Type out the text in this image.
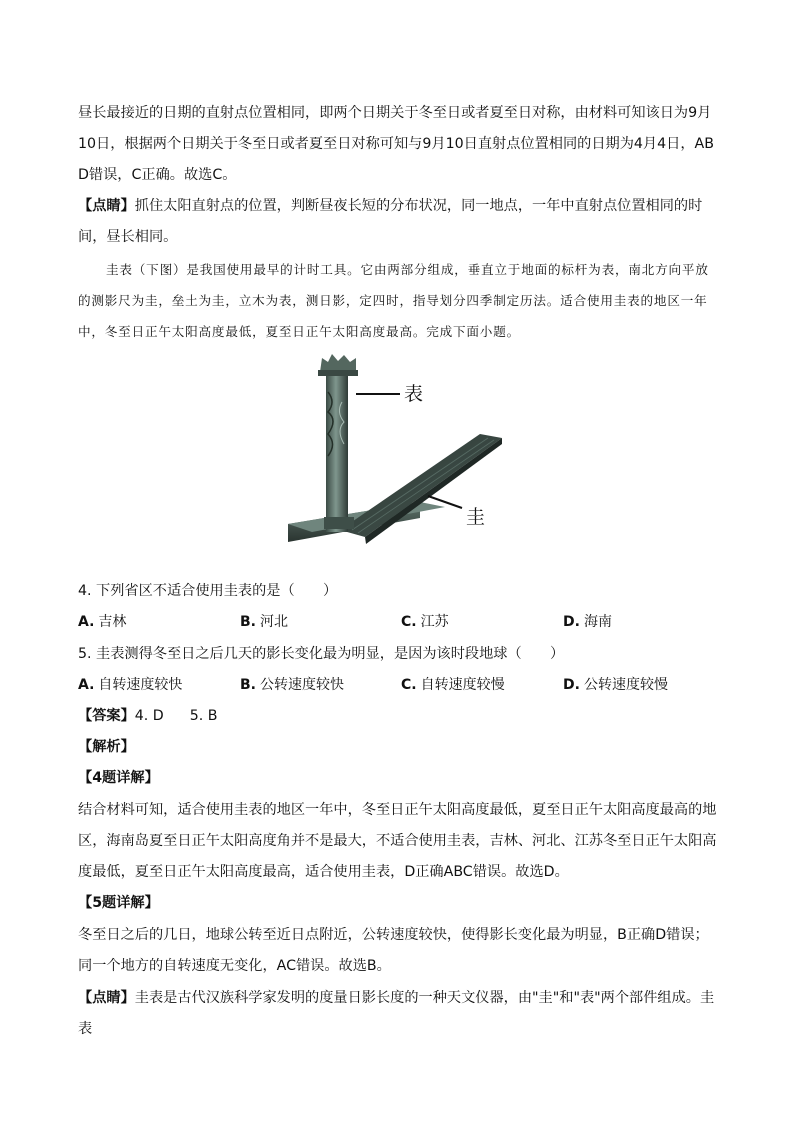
昼长最接近的日期的直射点位置相同，即两个日期关于冬至日或者夏至日对称，由材料可知该日为9月10日，根据两个日期关于冬至日或者夏至日对称可知与9月10日直射点位置相同的日期为4月4日，ABD错误，C正确。故选C。
【点睛】抓住太阳直射点的位置，判断昼夜长短的分布状况，同一地点，一年中直射点位置相同的时间，昼长相同。
圭表（下图）是我国使用最早的计时工具。它由两部分组成，垂直立于地面的标杆为表，南北方向平放的测影尺为圭，垒土为圭，立木为表，测日影，定四时，指导划分四季制定历法。适合使用圭表的地区一年中，冬至日正午太阳高度最低，夏至日正午太阳高度最高。完成下面小题。
表
圭
4. 下列省区不适合使用圭表的是（　　）
A. 吉林	B. 河北	C. 江苏	D. 海南
5. 圭表测得冬至日之后几天的影长变化最为明显，是因为该时段地球（　　）
A. 自转速度较快	B. 公转速度较快	C. 自转速度较慢	D. 公转速度较慢
【答案】4. D 5. B
【解析】
【4题详解】
结合材料可知，适合使用圭表的地区一年中，冬至日正午太阳高度最低，夏至日正午太阳高度最高的地区，海南岛夏至日正午太阳高度角并不是最大，不适合使用圭表，吉林、河北、江苏冬至日正午太阳高度最低，夏至日正午太阳高度最高，适合使用圭表，D正确ABC错误。故选D。
【5题详解】
冬至日之后的几日，地球公转至近日点附近，公转速度较快，使得影长变化最为明显，B正确D错误；同一个地方的自转速度无变化，AC错误。故选B。
【点睛】圭表是古代汉族科学家发明的度量日影长度的一种天文仪器，由"圭"和"表"两个部件组成。圭表
